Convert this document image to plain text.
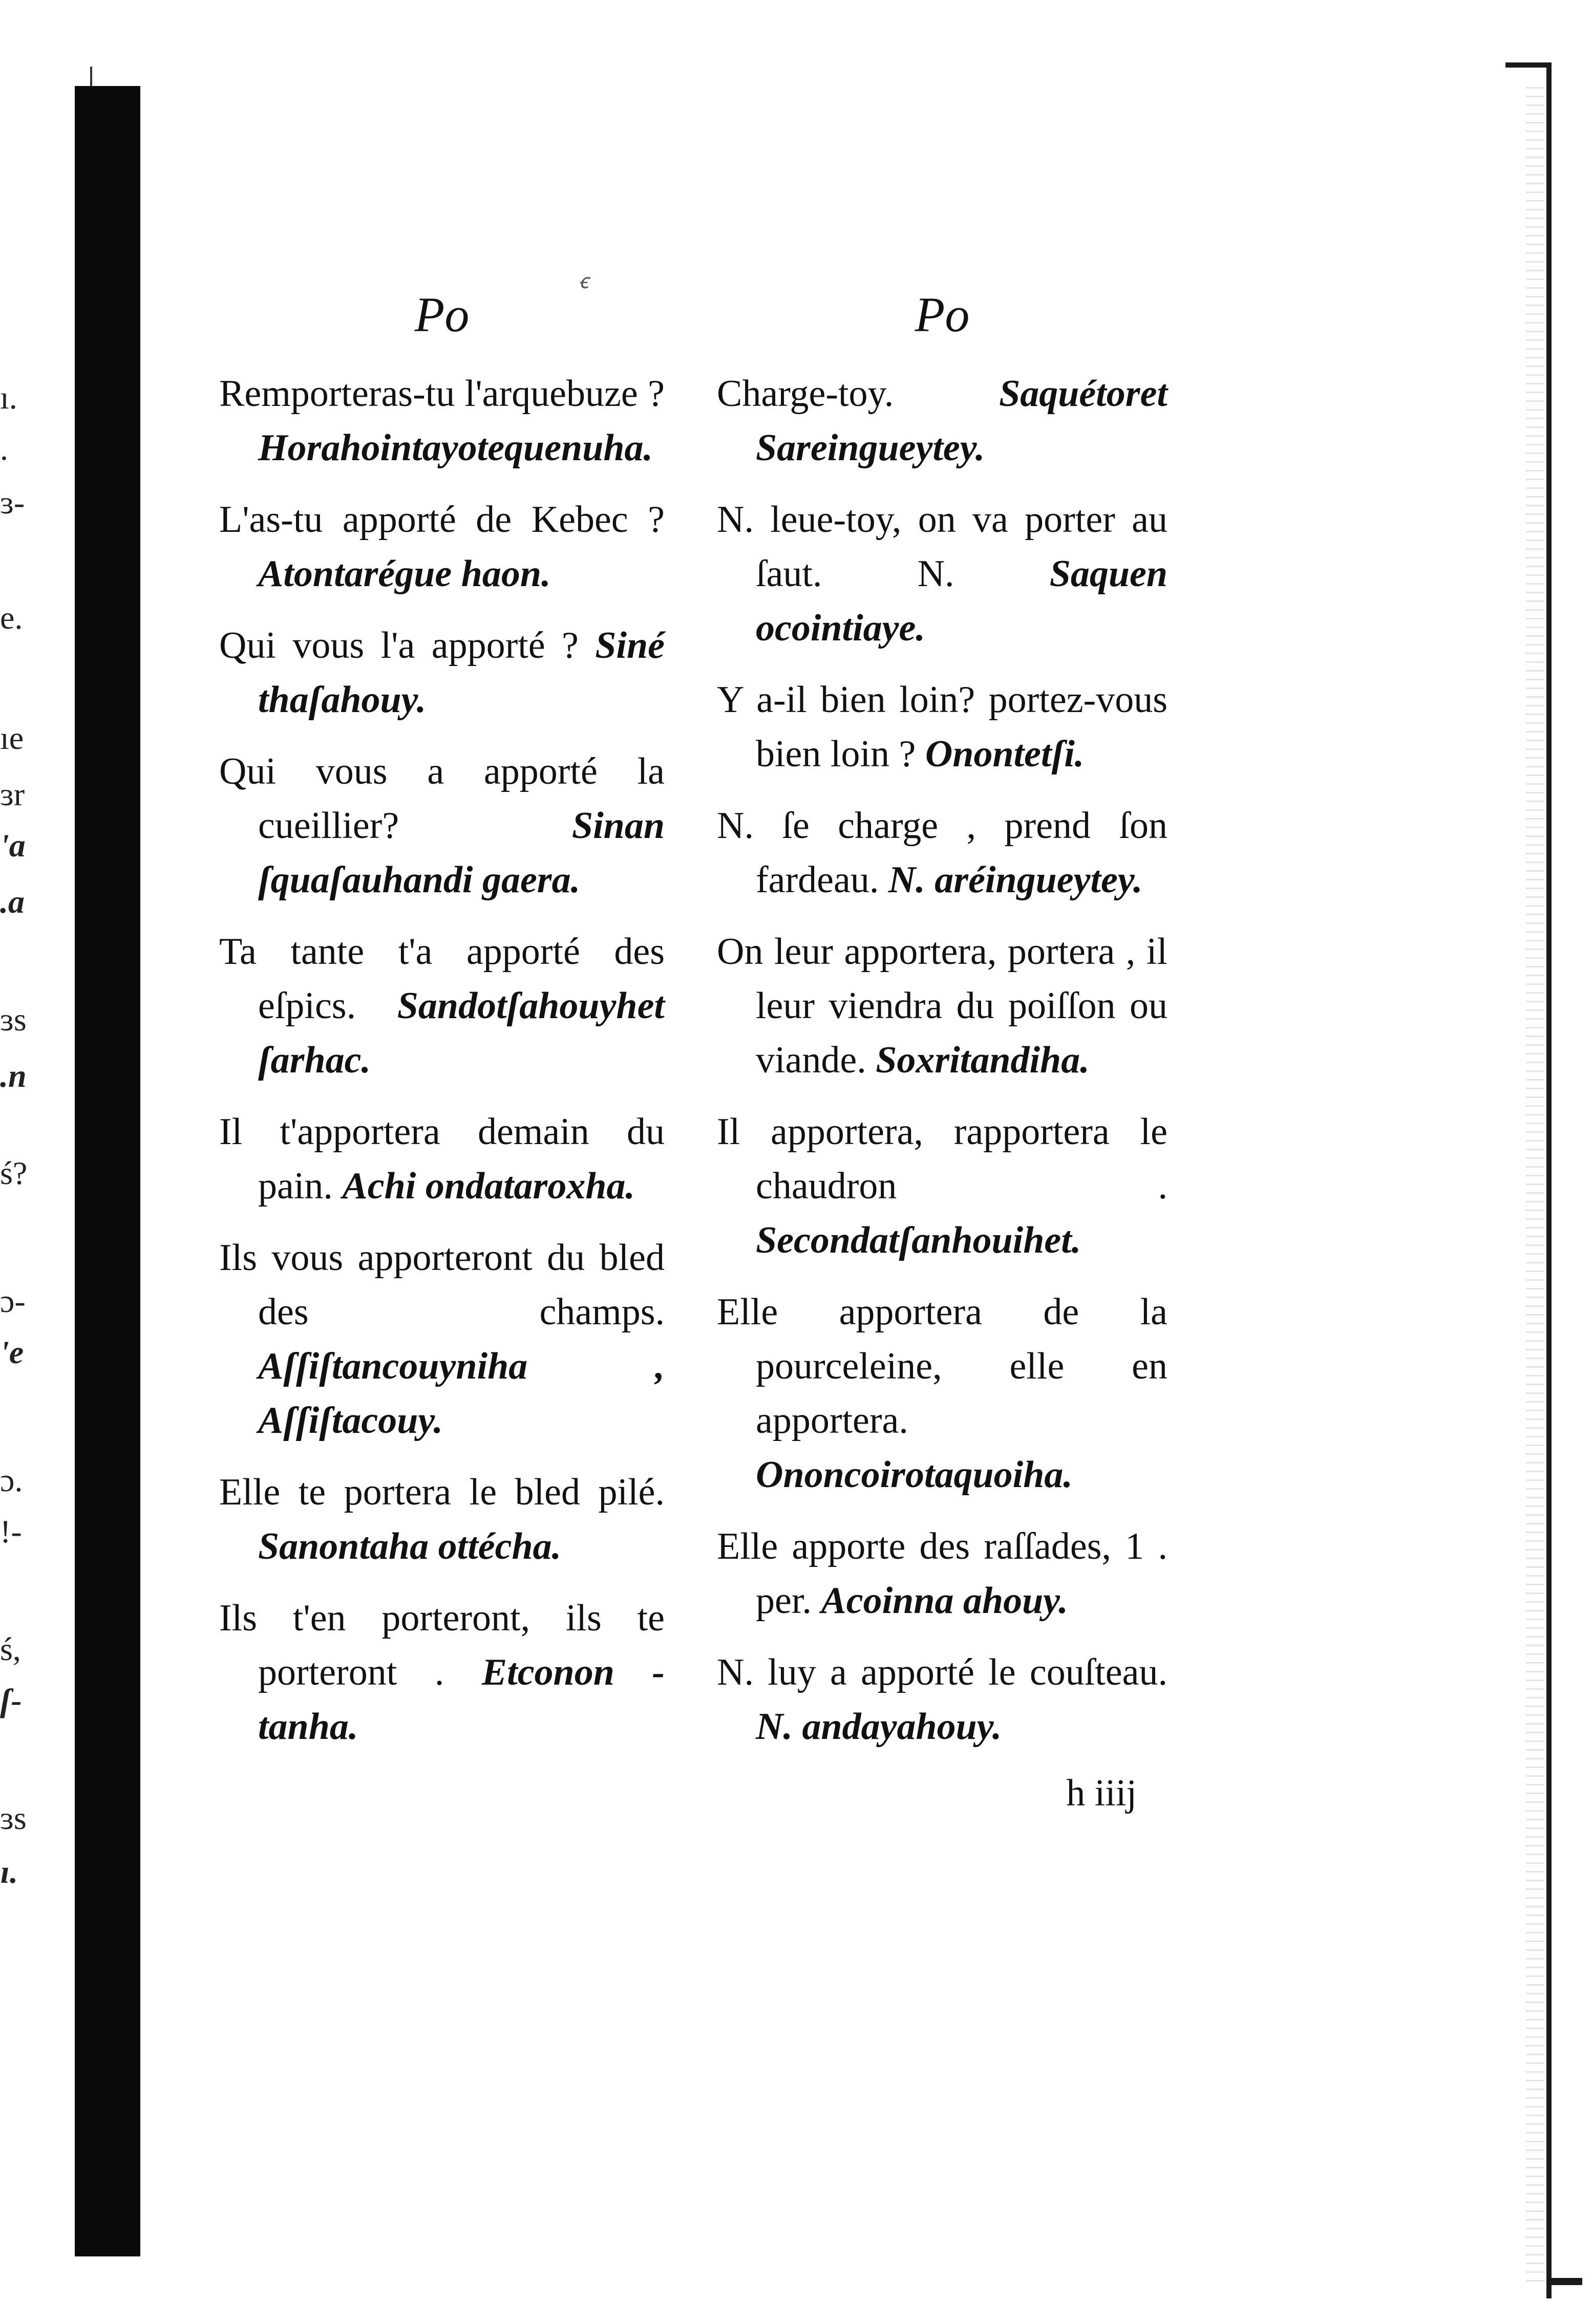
ı.
.
ɜ-
e.
ıe
ɜr
'a
.a
ɜs
.n
ś?
ɔ-
'e
ɔ.
!-
ś,
ſ-
ɜs
ɪ.
ꞓ
Po
Remporteras-tu l'arquebuze ? Horahointayotequenuha.
L'as-tu apporté de Kebec ? Atontarégue haon.
Qui vous l'a apporté ? Siné thaſahouy.
Qui vous a apporté la cueillier?	Sinan ſquaſauhandi gaera.
Ta tante t'a apporté des eſpics. Sandotſahouyhet ſarhac.
Il t'apportera demain du pain. Achi ondataroxha.
Ils vous apporteront du bled des champs. Aſſiſtancouyniha , Aſſiſtacouy.
Elle te portera le bled pilé. Sanontaha ottécha.
Ils t'en porteront, ils te porteront . Etconon - tanha.
Po
Charge-toy.	Saquétoret Sareingueytey.
N. leue-toy, on va porter au ſaut. N.	Saquen ocointiaye.
Y a-il bien loin? portez-vous bien loin ? Onontetſi.
N. ſe charge , prend ſon fardeau. N. aréingueytey.
On leur apportera, portera , il leur viendra du poiſſon ou viande. Soxritandiha.
Il apportera, rapportera le chaudron . Secondatſanhouihet.
Elle apportera de la pourceleine, elle en apportera. Ononcoirotaquoiha.
Elle apporte des raſſades, 1 . per. Acoinna ahouy.
N. luy a apporté le couſteau. N. andayahouy.
h iiij
